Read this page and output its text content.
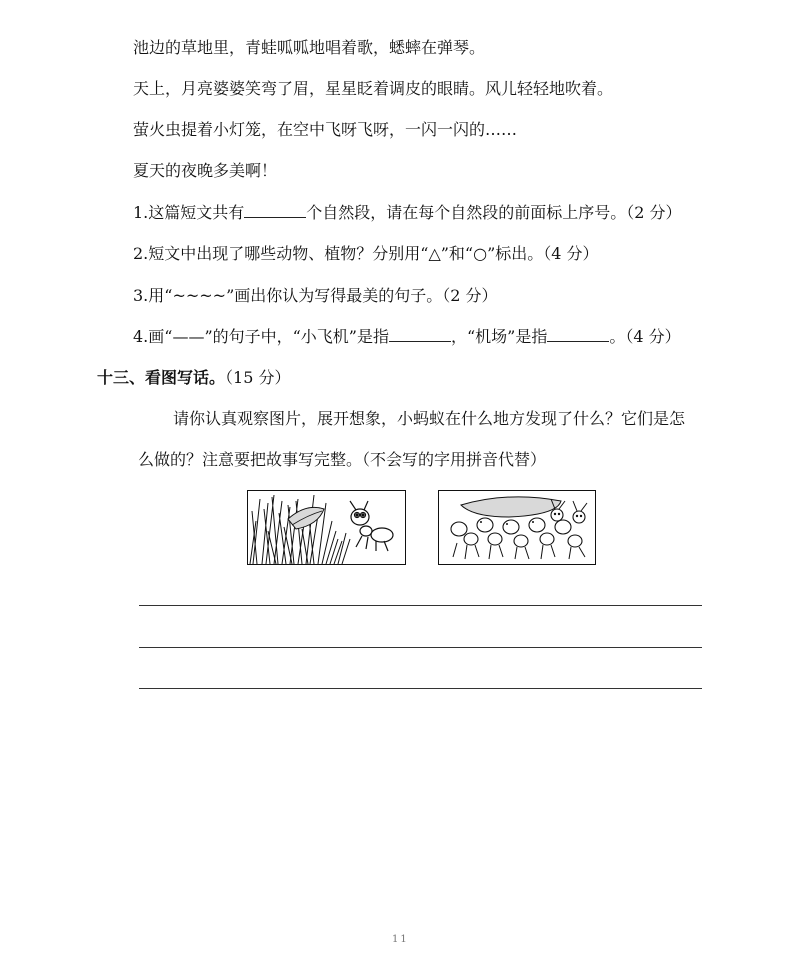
池边的草地里，青蛙呱呱地唱着歌，蟋蟀在弹琴。
天上，月亮婆婆笑弯了眉，星星眨着调皮的眼睛。风儿轻轻地吹着。
萤火虫提着小灯笼，在空中飞呀飞呀，一闪一闪的……
夏天的夜晚多美啊！
1.这篇短文共有	个自然段，请在每个自然段的前面标上序号。（2 分）
2.短文中出现了哪些动物、植物？分别用“△”和“○”标出。（4 分）
3.用“~~~~”画出你认为写得最美的句子。（2 分）
4.画“——”的句子中，“小飞机”是指	，“机场”是指	。（4 分）
十三、看图写话。（15 分）
请你认真观察图片，展开想象，小蚂蚁在什么地方发现了什么？它们是怎
么做的？注意要把故事写完整。（不会写的字用拼音代替）
11
